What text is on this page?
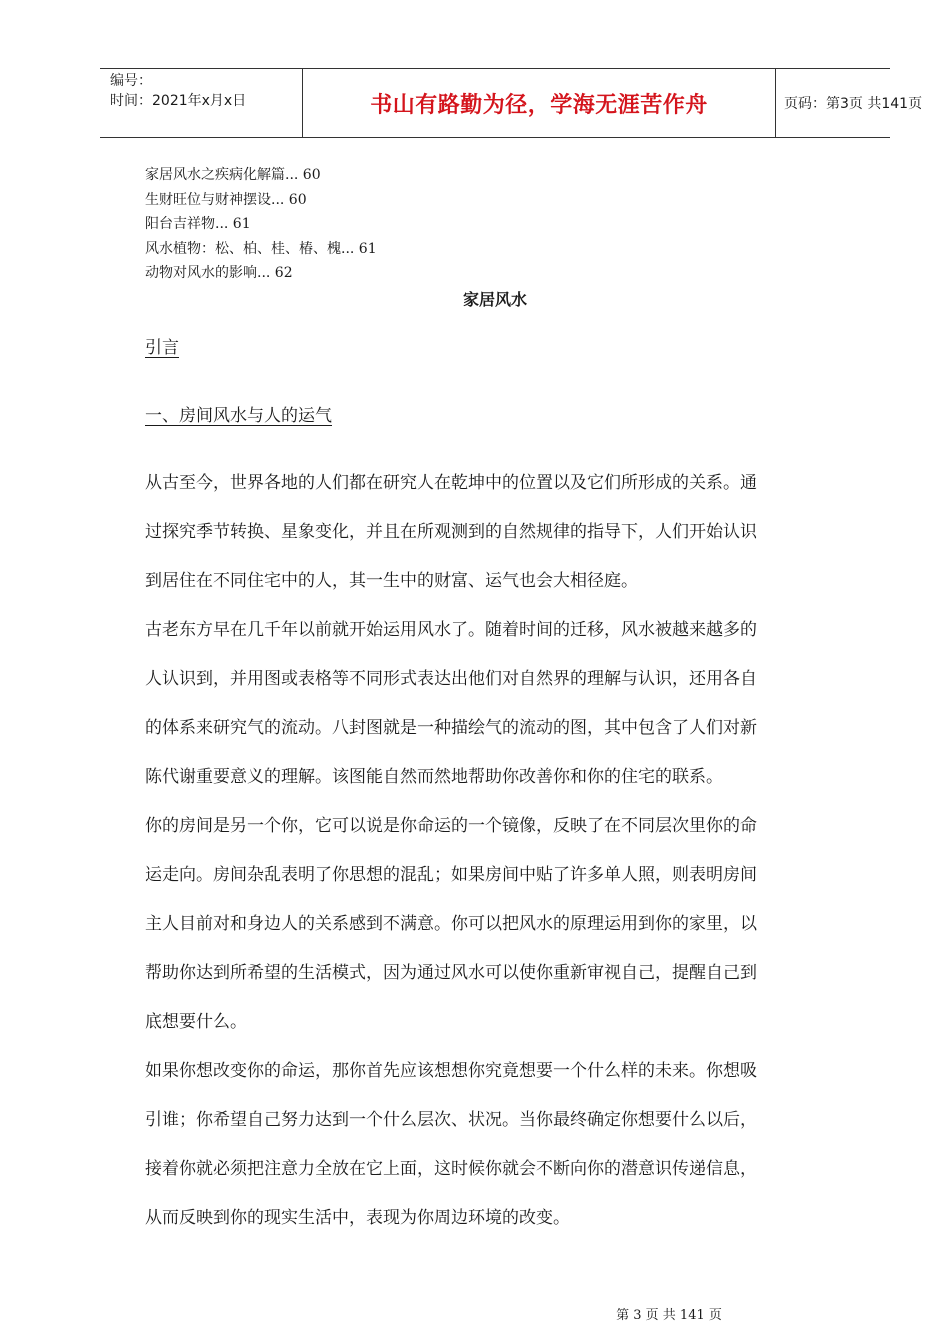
编号：
时间：2021年x月x日	书山有路勤为径，学海无涯苦作舟	页码：第3页 共141页
家居风水之疾病化解篇... 60
生财旺位与财神摆设... 60
阳台吉祥物... 61
风水植物：松、柏、桂、椿、槐... 61
动物对风水的影响... 62
家居风水
引言
一、房间风水与人的运气
从古至今，世界各地的人们都在研究人在乾坤中的位置以及它们所形成的关系。通
过探究季节转换、星象变化，并且在所观测到的自然规律的指导下，人们开始认识
到居住在不同住宅中的人，其一生中的财富、运气也会大相径庭。
古老东方早在几千年以前就开始运用风水了。随着时间的迁移，风水被越来越多的
人认识到，并用图或表格等不同形式表达出他们对自然界的理解与认识，还用各自
的体系来研究气的流动。八封图就是一种描绘气的流动的图，其中包含了人们对新
陈代谢重要意义的理解。该图能自然而然地帮助你改善你和你的住宅的联系。
你的房间是另一个你，它可以说是你命运的一个镜像，反映了在不同层次里你的命
运走向。房间杂乱表明了你思想的混乱；如果房间中贴了许多单人照，则表明房间
主人目前对和身边人的关系感到不满意。你可以把风水的原理运用到你的家里，以
帮助你达到所希望的生活模式，因为通过风水可以使你重新审视自己，提醒自己到
底想要什么。
如果你想改变你的命运，那你首先应该想想你究竟想要一个什么样的未来。你想吸
引谁；你希望自己努力达到一个什么层次、状况。当你最终确定你想要什么以后，
接着你就必须把注意力全放在它上面，这时候你就会不断向你的潜意识传递信息，
从而反映到你的现实生活中，表现为你周边环境的改变。
第 3 页 共 141 页
